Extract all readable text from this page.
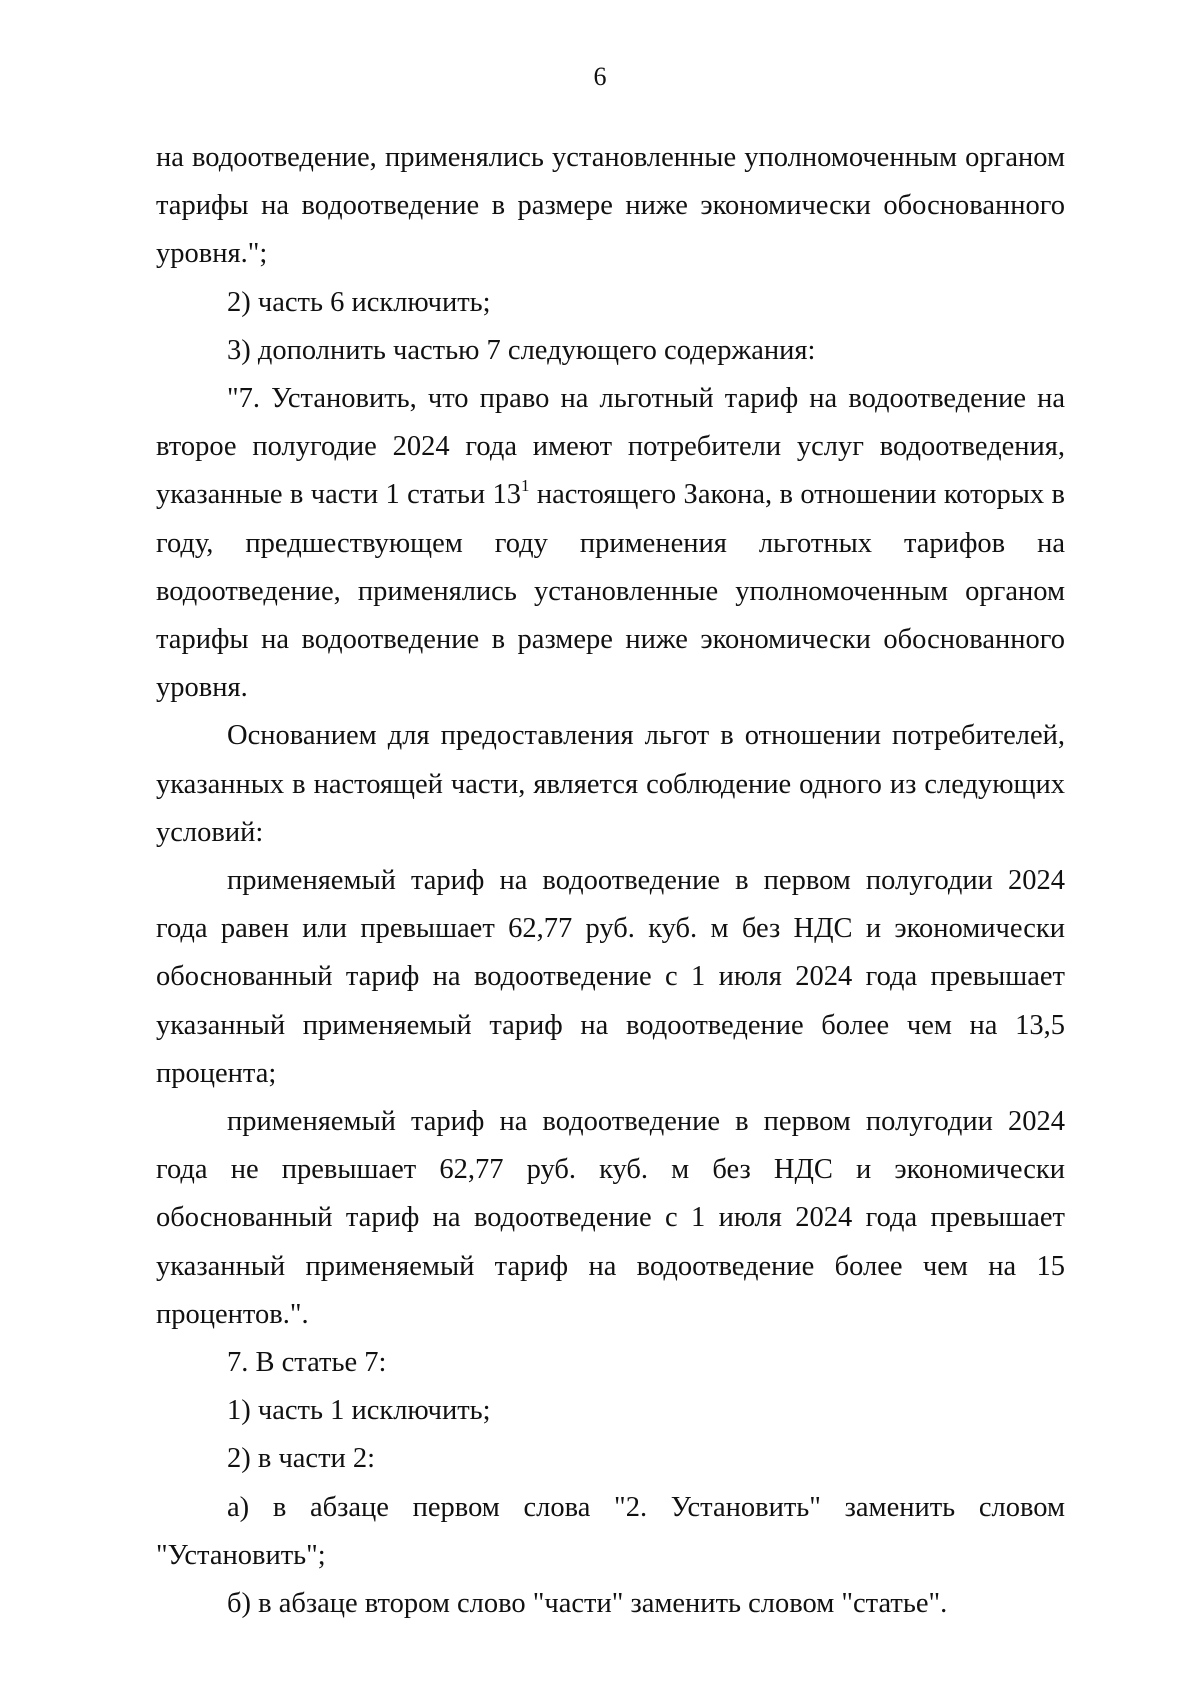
6

на водоотведение, применялись установленные уполномоченным органом тарифы на водоотведение в размере ниже экономически обоснованного уровня.";

2) часть 6 исключить;

3) дополнить частью 7 следующего содержания:

"7. Установить, что право на льготный тариф на водоотведение на второе полугодие 2024 года имеют потребители услуг водоотведения, указанные в части 1 статьи $13^1$ настоящего Закона, в отношении которых в году, предшествующем году применения льготных тарифов на водоотведение, применялись установленные уполномоченным органом тарифы на водоотведение в размере ниже экономически обоснованного уровня.

Основанием для предоставления льгот в отношении потребителей, указанных в настоящей части, является соблюдение одного из следующих условий:

применяемый тариф на водоотведение в первом полугодии 2024 года равен или превышает 62,77 руб. куб. м без НДС и экономически обоснованный тариф на водоотведение с 1 июля 2024 года превышает указанный применяемый тариф на водоотведение более чем на 13,5 процента;

применяемый тариф на водоотведение в первом полугодии 2024 года не превышает 62,77 руб. куб. м без НДС и экономически обоснованный тариф на водоотведение с 1 июля 2024 года превышает указанный применяемый тариф на водоотведение более чем на 15 процентов.".

7. В статье 7:

1) часть 1 исключить;

2) в части 2:

а) в абзаце первом слова "2. Установить" заменить словом "Установить";

б) в абзаце втором слово "части" заменить словом "статье".
